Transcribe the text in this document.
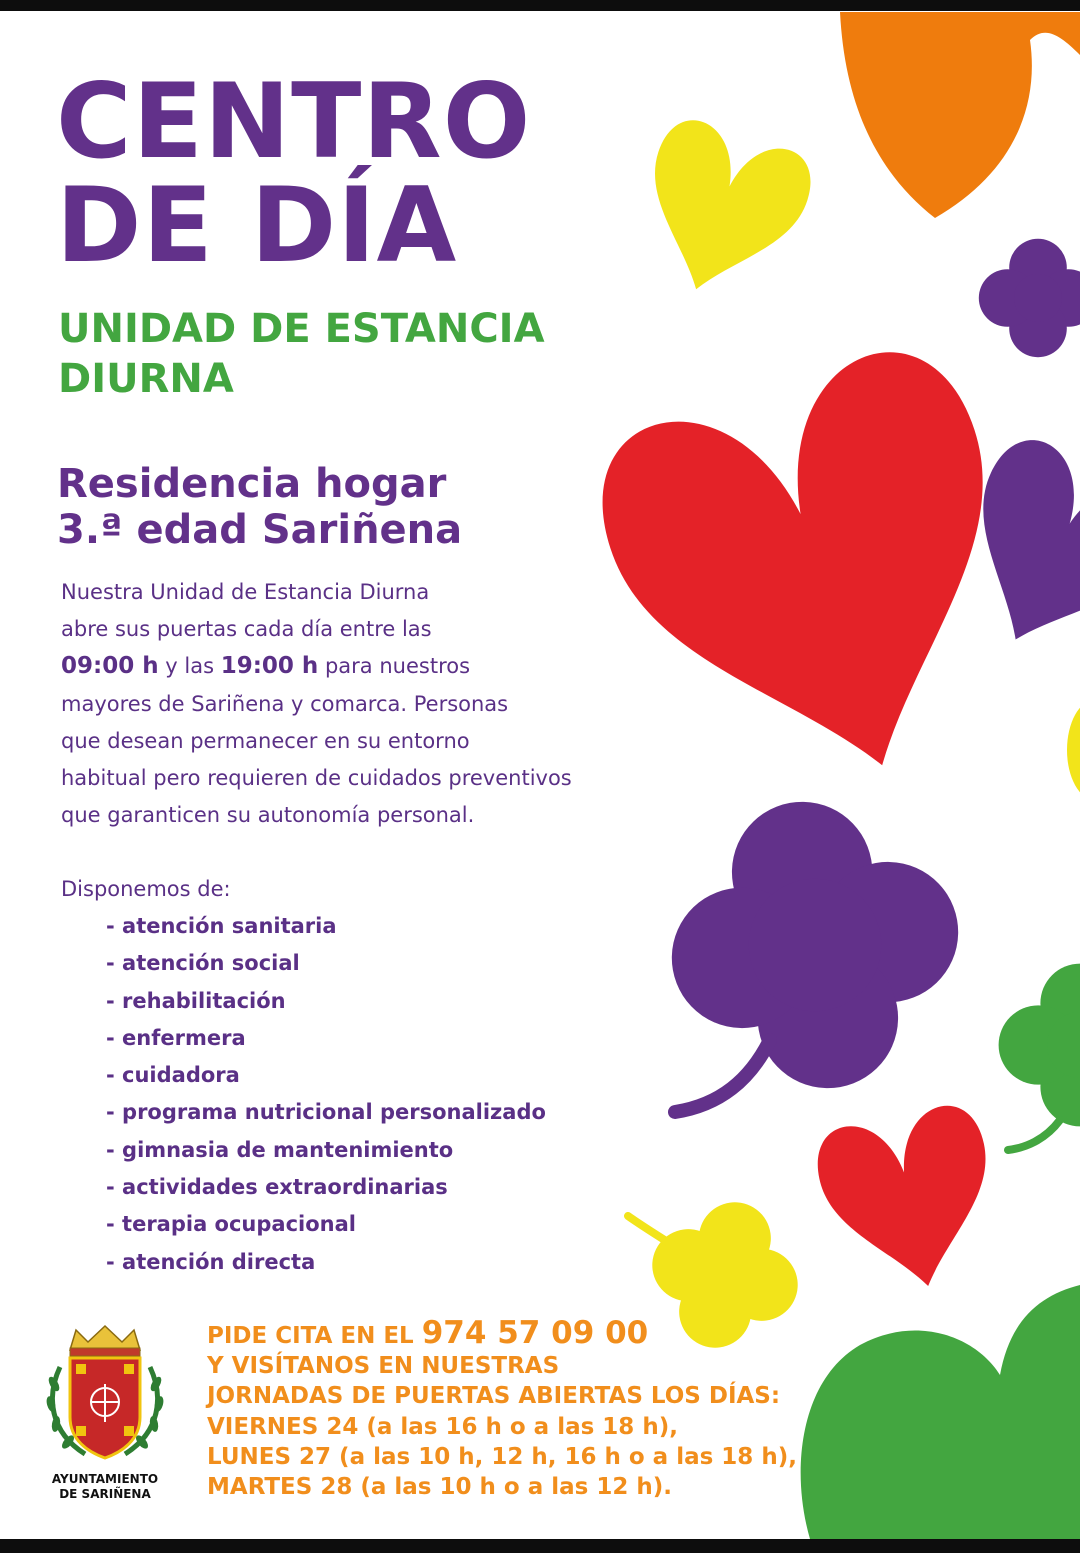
CENTRO
DE DÍA
UNIDAD DE ESTANCIA
DIURNA
Residencia hogar
3.ª edad Sariñena

Nuestra Unidad de Estancia Diurna
abre sus puertas cada día entre las
09:00 h y las 19:00 h para nuestros
mayores de Sariñena y comarca. Personas
que desean permanecer en su entorno
habitual pero requieren de cuidados preventivos
que garanticen su autonomía personal.

Disponemos de:
- atención sanitaria
- atención social
- rehabilitación
- enfermera
- cuidadora
- programa nutricional personalizado
- gimnasia de mantenimiento
- actividades extraordinarias
- terapia ocupacional
- atención directa
AYUNTAMIENTO
DE SARIÑENA

PIDE CITA EN EL 974 57 09 00
Y VISÍTANOS EN NUESTRAS
JORNADAS DE PUERTAS ABIERTAS LOS DÍAS:
VIERNES 24 (a las 16 h o a las 18 h),
LUNES 27 (a las 10 h, 12 h, 16 h o a las 18 h),
MARTES 28 (a las 10 h o a las 12 h).
